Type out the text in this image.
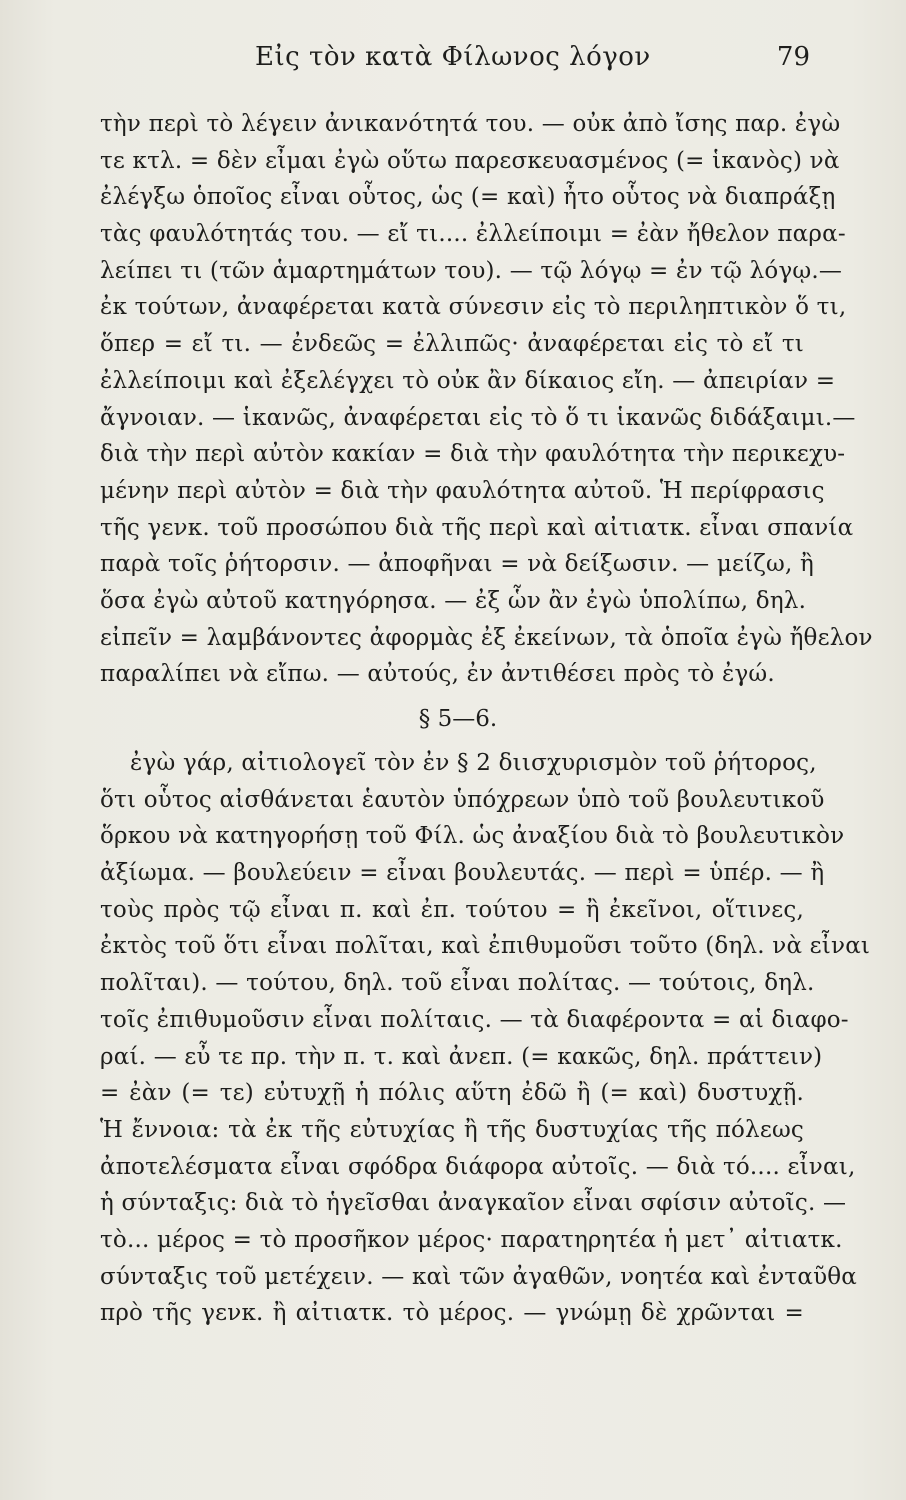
Εἰς τὸν κατὰ Φίλωνος λόγον	79
τὴν περὶ τὸ λέγειν ἀνικανότητά του. — οὐκ ἀπὸ ἴσης παρ. ἐγὼ
τε κτλ. = δὲν εἶμαι ἐγὼ οὕτω παρεσκευασμένος (= ἱκανὸς) νὰ
ἐλέγξω ὁποῖος εἶναι οὗτος, ὡς (= καὶ) ἦτο οὗτος νὰ διαπράξῃ
τὰς φαυλότητάς του. — εἴ τι.... ἐλλείποιμι = ἐὰν ἤθελον παρα-
λείπει τι (τῶν ἁμαρτημάτων του). — τῷ λόγῳ = ἐν τῷ λόγῳ.—
ἐκ τούτων, ἀναφέρεται κατὰ σύνεσιν εἰς τὸ περιληπτικὸν ὅ τι,
ὅπερ = εἴ τι. — ἐνδεῶς = ἐλλιπῶς· ἀναφέρεται εἰς τὸ εἴ τι
ἐλλείποιμι καὶ ἐξελέγχει τὸ οὐκ ἂν δίκαιος εἴη. — ἀπειρίαν =
ἄγνοιαν. — ἱκανῶς, ἀναφέρεται εἰς τὸ ὅ τι ἱκανῶς διδάξαιμι.—
διὰ τὴν περὶ αὐτὸν κακίαν = διὰ τὴν φαυλότητα τὴν περικεχυ-
μένην περὶ αὐτὸν = διὰ τὴν φαυλότητα αὐτοῦ. Ἡ περίφρασις
τῆς γενκ. τοῦ προσώπου διὰ τῆς περὶ καὶ αἰτιατκ. εἶναι σπανία
παρὰ τοῖς ῥήτορσιν. — ἀποφῆναι = νὰ δείξωσιν. — μείζω, ἢ
ὅσα ἐγὼ αὐτοῦ κατηγόρησα. — ἐξ ὧν ἂν ἐγὼ ὑπολίπω, δηλ.
εἰπεῖν = λαμβάνοντες ἀφορμὰς ἐξ ἐκείνων, τὰ ὁποῖα ἐγὼ ἤθελον
παραλίπει νὰ εἴπω. — αὐτούς, ἐν ἀντιθέσει πρὸς τὸ ἐγώ.
§ 5—6.
ἐγὼ γάρ, αἰτιολογεῖ τὸν ἐν § 2 διισχυρισμὸν τοῦ ῥήτορος,
ὅτι οὗτος αἰσθάνεται ἑαυτὸν ὑπόχρεων ὑπὸ τοῦ βουλευτικοῦ
ὅρκου νὰ κατηγορήσῃ τοῦ Φίλ. ὡς ἀναξίου διὰ τὸ βουλευτικὸν
ἀξίωμα. — βουλεύειν = εἶναι βουλευτάς. — περὶ = ὑπέρ. — ἢ
τοὺς πρὸς τῷ εἶναι π. καὶ ἐπ. τούτου = ἢ ἐκεῖνοι, οἵτινες,
ἐκτὸς τοῦ ὅτι εἶναι πολῖται, καὶ ἐπιθυμοῦσι τοῦτο (δηλ. νὰ εἶναι
πολῖται). — τούτου, δηλ. τοῦ εἶναι πολίτας. — τούτοις, δηλ.
τοῖς ἐπιθυμοῦσιν εἶναι πολίταις. — τὰ διαφέροντα = αἱ διαφο-
ραί. — εὖ τε πρ. τὴν π. τ. καὶ ἀνεπ. (= κακῶς, δηλ. πράττειν)
= ἐὰν (= τε) εὐτυχῇ ἡ πόλις αὕτη ἐδῶ ἢ (= καὶ) δυστυχῇ.
Ἡ ἔννοια: τὰ ἐκ τῆς εὐτυχίας ἢ τῆς δυστυχίας τῆς πόλεως
ἀποτελέσματα εἶναι σφόδρα διάφορα αὐτοῖς. — διὰ τό.... εἶναι,
ἡ σύνταξις: διὰ τὸ ἡγεῖσθαι ἀναγκαῖον εἶναι σφίσιν αὐτοῖς. —
τὸ... μέρος = τὸ προσῆκον μέρος· παρατηρητέα ἡ μετ᾿ αἰτιατκ.
σύνταξις τοῦ μετέχειν. — καὶ τῶν ἀγαθῶν, νοητέα καὶ ἐνταῦθα
πρὸ τῆς γενκ. ἢ αἰτιατκ. τὸ μέρος. — γνώμῃ δὲ χρῶνται =
